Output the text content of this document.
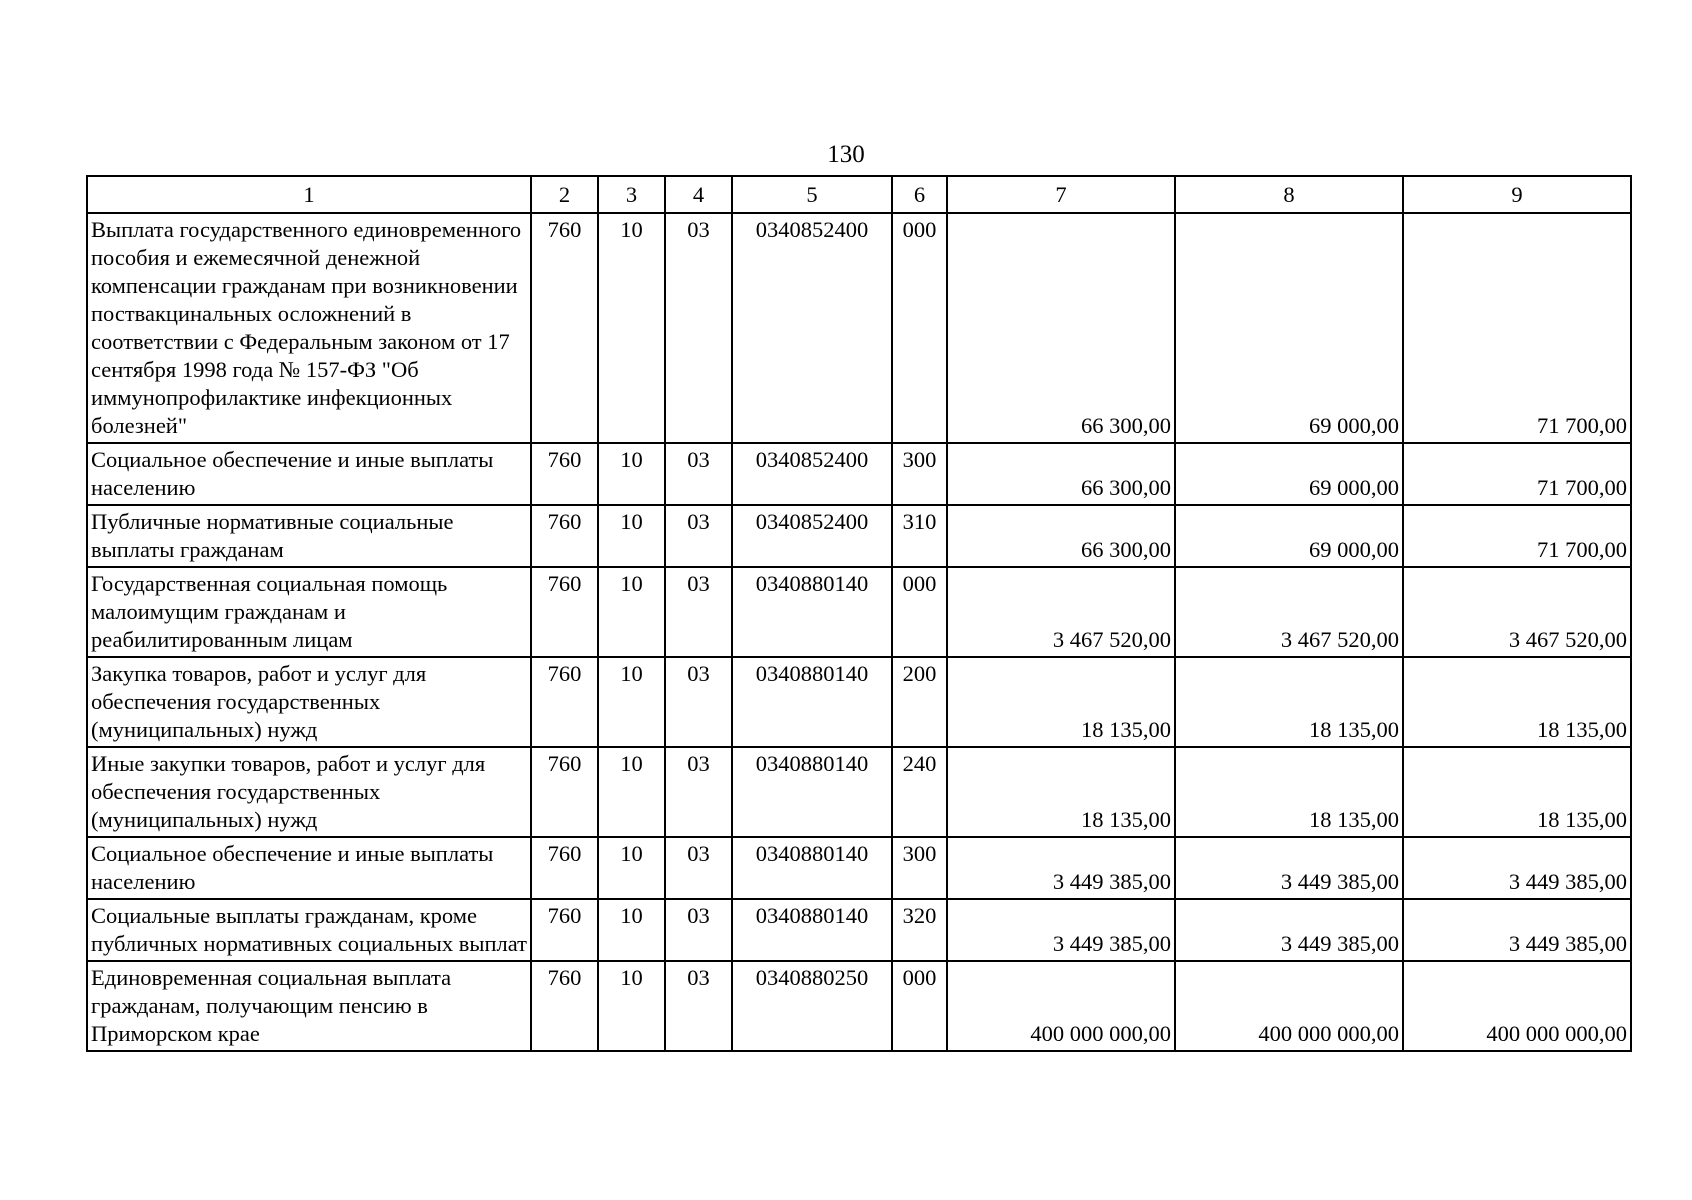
130
1	2	3	4	5	6	7	8	9
Выплата государственного единовременного пособия и ежемесячной денежной компенсации гражданам при возникновении поствакцинальных осложнений в соответствии с Федеральным законом от 17 сентября 1998 года № 157-ФЗ "Об иммунопрофилактике инфекционных болезней"	760	10	03	0340852400	000	66 300,00	69 000,00	71 700,00
Социальное обеспечение и иные выплаты населению	760	10	03	0340852400	300	66 300,00	69 000,00	71 700,00
Публичные нормативные социальные выплаты гражданам	760	10	03	0340852400	310	66 300,00	69 000,00	71 700,00
Государственная социальная помощь малоимущим гражданам и реабилитированным лицам	760	10	03	0340880140	000	3 467 520,00	3 467 520,00	3 467 520,00
Закупка товаров, работ и услуг для обеспечения государственных (муниципальных) нужд	760	10	03	0340880140	200	18 135,00	18 135,00	18 135,00
Иные закупки товаров, работ и услуг для обеспечения государственных (муниципальных) нужд	760	10	03	0340880140	240	18 135,00	18 135,00	18 135,00
Социальное обеспечение и иные выплаты населению	760	10	03	0340880140	300	3 449 385,00	3 449 385,00	3 449 385,00
Социальные выплаты гражданам, кроме публичных нормативных социальных выплат	760	10	03	0340880140	320	3 449 385,00	3 449 385,00	3 449 385,00
Единовременная социальная выплата гражданам, получающим пенсию в Приморском крае	760	10	03	0340880250	000	400 000 000,00	400 000 000,00	400 000 000,00
